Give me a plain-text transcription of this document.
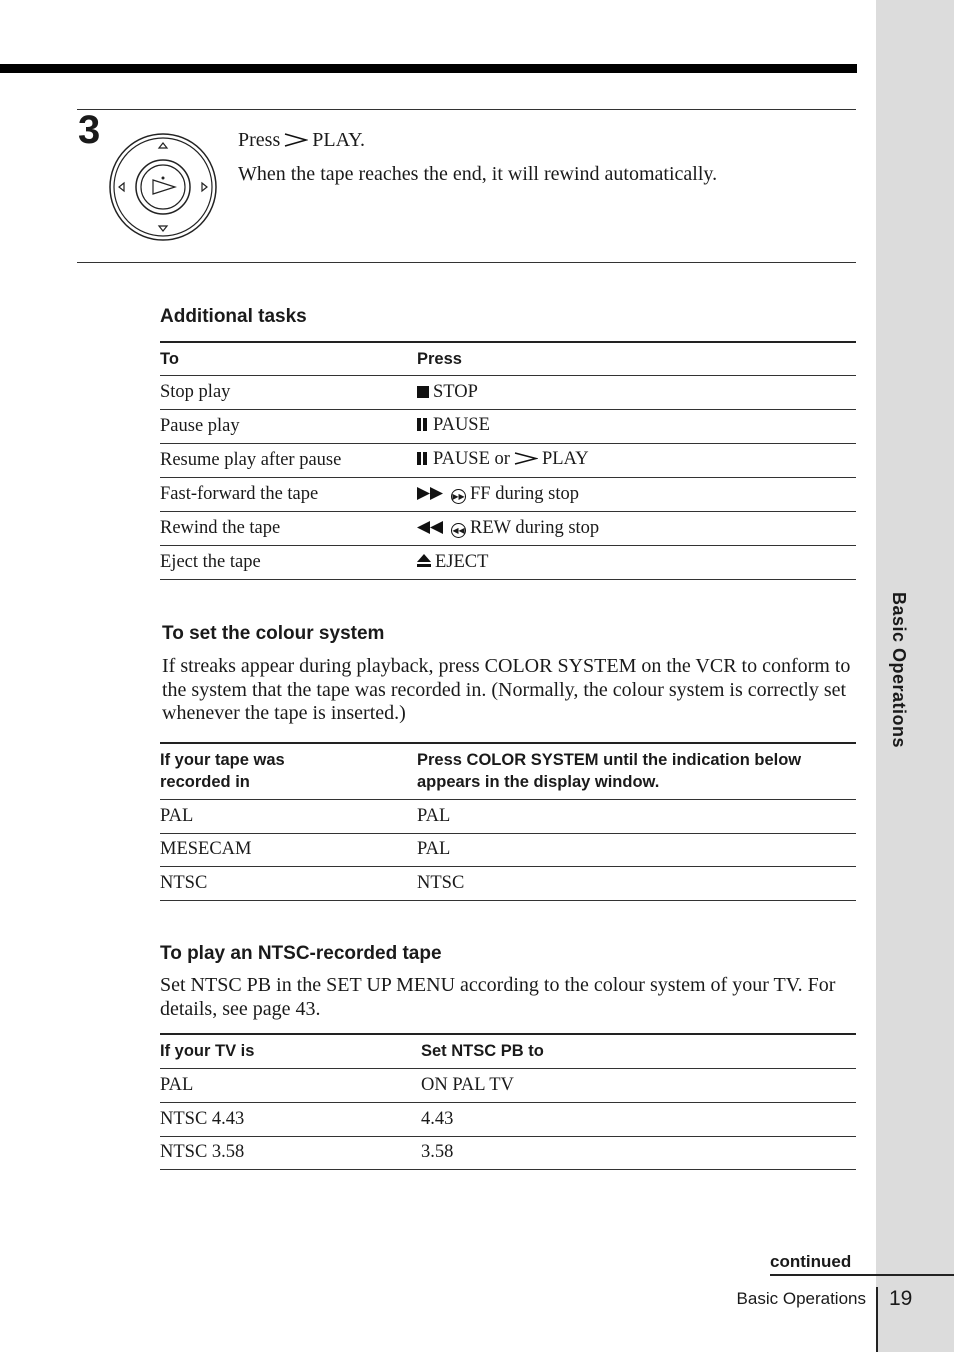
Basic Operations
3	Press PLAY.
When the tape reaches the end, it will rewind automatically.
Additional tasks
To	Press
Stop play	STOP
Pause play	PAUSE
Resume play after pause	PAUSE or PLAY
Fast-forward the tape	▶▶ FF during stop
Rewind the tape	◀◀ REW during stop
Eject the tape	EJECT
To set the colour system
If streaks appear during playback, press COLOR SYSTEM on the VCR to conform to the system that the tape was recorded in. (Normally, the colour system is correctly set whenever the tape is inserted.)
If your tape was recorded in	Press COLOR SYSTEM until the indication below appears in the display window.
PAL	PAL
MESECAM	PAL
NTSC	NTSC
To play an NTSC-recorded tape
Set NTSC PB in the SET UP MENU according to the colour system of your TV. For details, see page 43.
If your TV is	Set NTSC PB to
PAL	ON PAL TV
NTSC 4.43	4.43
NTSC 3.58	3.58
continued
Basic Operations 19
